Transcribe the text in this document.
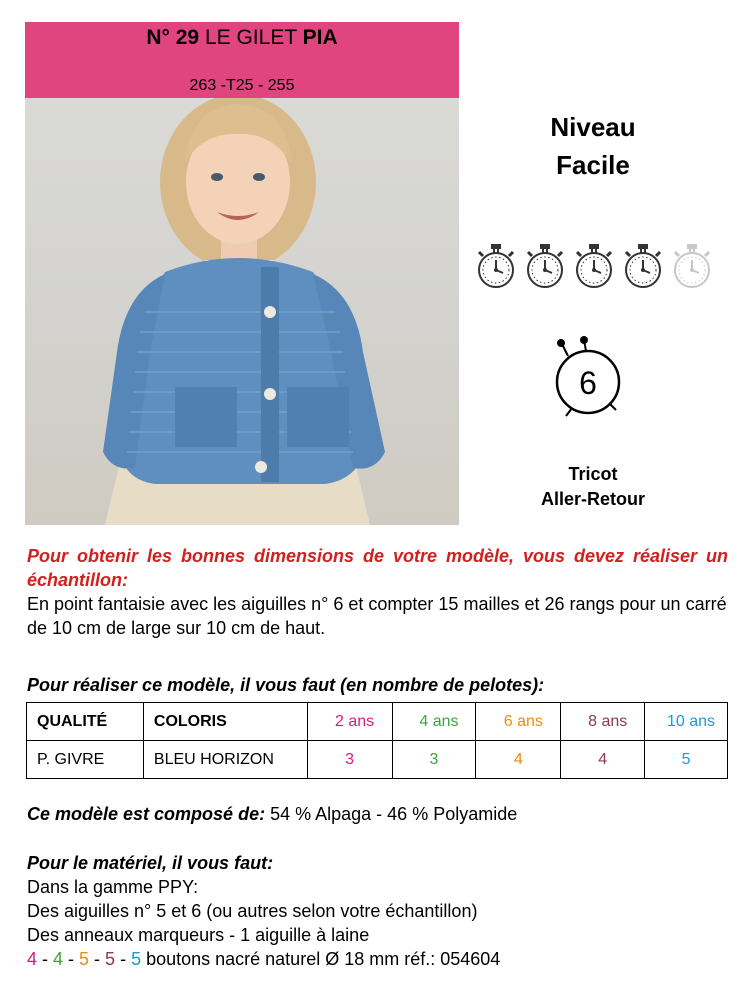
N° 29 LE GILET PIA
263 -T25 - 255
Niveau
Facile
6
Tricot
Aller-Retour
Pour obtenir les bonnes dimensions de votre modèle, vous devez réaliser un échantillon:
En point fantaisie avec les aiguilles n° 6 et compter 15 mailles et 26 rangs pour un carré de 10 cm de large sur 10 cm de haut.
Pour réaliser ce modèle, il vous faut (en nombre de pelotes):
QUALITÉ	COLORIS	2 ans	4 ans	6 ans	8 ans	10 ans
P. GIVRE	BLEU HORIZON	3	3	4	4	5
Ce modèle est composé de: 54 % Alpaga - 46 % Polyamide
Pour le matériel, il vous faut:
Dans la gamme PPY:
Des aiguilles n° 5 et 6 (ou autres selon votre échantillon)
Des anneaux marqueurs - 1 aiguille à laine
4 - 4 - 5 - 5 - 5 boutons nacré naturel Ø 18 mm réf.: 054604
